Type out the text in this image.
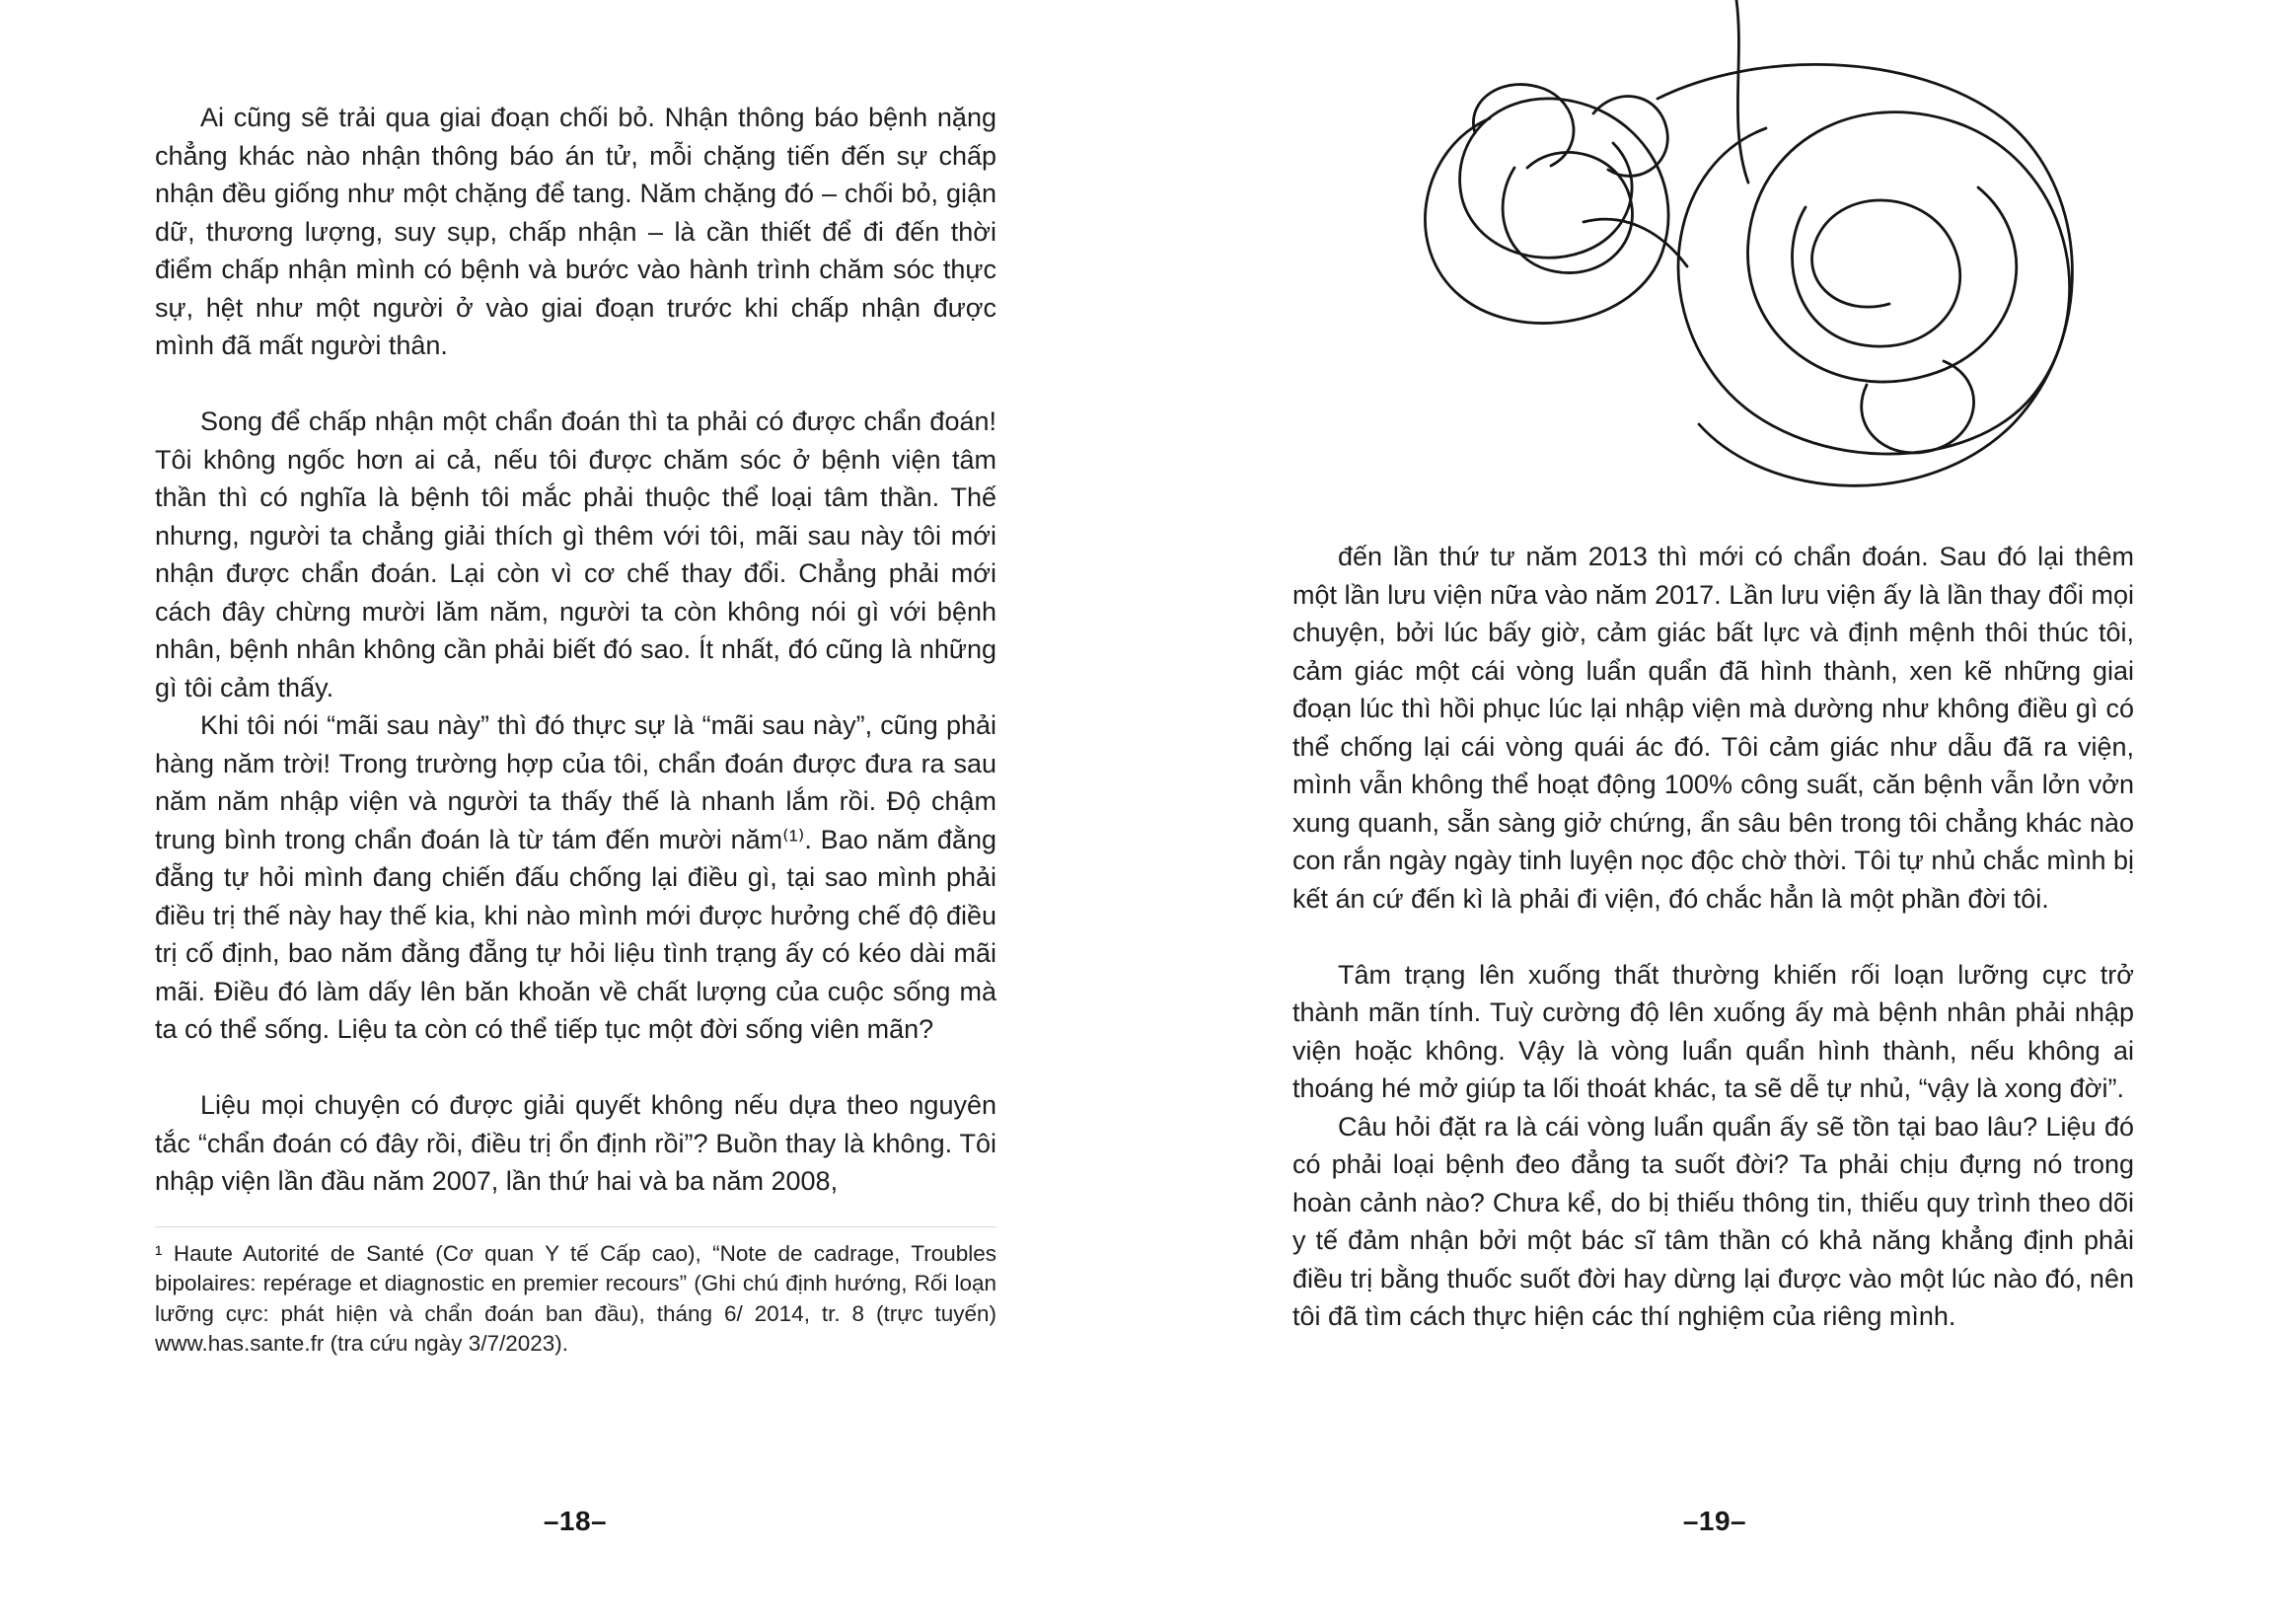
Ai cũng sẽ trải qua giai đoạn chối bỏ. Nhận thông báo bệnh nặng chẳng khác nào nhận thông báo án tử, mỗi chặng tiến đến sự chấp nhận đều giống như một chặng để tang. Năm chặng đó – chối bỏ, giận dữ, thương lượng, suy sụp, chấp nhận – là cần thiết để đi đến thời điểm chấp nhận mình có bệnh và bước vào hành trình chăm sóc thực sự, hệt như một người ở vào giai đoạn trước khi chấp nhận được mình đã mất người thân.

Song để chấp nhận một chẩn đoán thì ta phải có được chẩn đoán! Tôi không ngốc hơn ai cả, nếu tôi được chăm sóc ở bệnh viện tâm thần thì có nghĩa là bệnh tôi mắc phải thuộc thể loại tâm thần. Thế nhưng, người ta chẳng giải thích gì thêm với tôi, mãi sau này tôi mới nhận được chẩn đoán. Lại còn vì cơ chế thay đổi. Chẳng phải mới cách đây chừng mười lăm năm, người ta còn không nói gì với bệnh nhân, bệnh nhân không cần phải biết đó sao. Ít nhất, đó cũng là những gì tôi cảm thấy.

Khi tôi nói “mãi sau này” thì đó thực sự là “mãi sau này”, cũng phải hàng năm trời! Trong trường hợp của tôi, chẩn đoán được đưa ra sau năm năm nhập viện và người ta thấy thế là nhanh lắm rồi. Độ chậm trung bình trong chẩn đoán là từ tám đến mười năm⁽¹⁾. Bao năm đằng đẵng tự hỏi mình đang chiến đấu chống lại điều gì, tại sao mình phải điều trị thế này hay thế kia, khi nào mình mới được hưởng chế độ điều trị cố định, bao năm đằng đẵng tự hỏi liệu tình trạng ấy có kéo dài mãi mãi. Điều đó làm dấy lên băn khoăn về chất lượng của cuộc sống mà ta có thể sống. Liệu ta còn có thể tiếp tục một đời sống viên mãn?

Liệu mọi chuyện có được giải quyết không nếu dựa theo nguyên tắc “chẩn đoán có đây rồi, điều trị ổn định rồi”? Buồn thay là không. Tôi nhập viện lần đầu năm 2007, lần thứ hai và ba năm 2008,

¹ Haute Autorité de Santé (Cơ quan Y tế Cấp cao), “Note de cadrage, Troubles bipolaires: repérage et diagnostic en premier recours” (Ghi chú định hướng, Rối loạn lưỡng cực: phát hiện và chẩn đoán ban đầu), tháng 6/ 2014, tr. 8 (trực tuyến) www.has.sante.fr (tra cứu ngày 3/7/2023).

–18–

đến lần thứ tư năm 2013 thì mới có chẩn đoán. Sau đó lại thêm một lần lưu viện nữa vào năm 2017. Lần lưu viện ấy là lần thay đổi mọi chuyện, bởi lúc bấy giờ, cảm giác bất lực và định mệnh thôi thúc tôi, cảm giác một cái vòng luẩn quẩn đã hình thành, xen kẽ những giai đoạn lúc thì hồi phục lúc lại nhập viện mà dường như không điều gì có thể chống lại cái vòng quái ác đó. Tôi cảm giác như dẫu đã ra viện, mình vẫn không thể hoạt động 100% công suất, căn bệnh vẫn lởn vởn xung quanh, sẵn sàng giở chứng, ẩn sâu bên trong tôi chẳng khác nào con rắn ngày ngày tinh luyện nọc độc chờ thời. Tôi tự nhủ chắc mình bị kết án cứ đến kì là phải đi viện, đó chắc hẳn là một phần đời tôi.

Tâm trạng lên xuống thất thường khiến rối loạn lưỡng cực trở thành mãn tính. Tuỳ cường độ lên xuống ấy mà bệnh nhân phải nhập viện hoặc không. Vậy là vòng luẩn quẩn hình thành, nếu không ai thoáng hé mở giúp ta lối thoát khác, ta sẽ dễ tự nhủ, “vậy là xong đời”.

Câu hỏi đặt ra là cái vòng luẩn quẩn ấy sẽ tồn tại bao lâu? Liệu đó có phải loại bệnh đeo đẳng ta suốt đời? Ta phải chịu đựng nó trong hoàn cảnh nào? Chưa kể, do bị thiếu thông tin, thiếu quy trình theo dõi y tế đảm nhận bởi một bác sĩ tâm thần có khả năng khẳng định phải điều trị bằng thuốc suốt đời hay dừng lại được vào một lúc nào đó, nên tôi đã tìm cách thực hiện các thí nghiệm của riêng mình.

–19–
